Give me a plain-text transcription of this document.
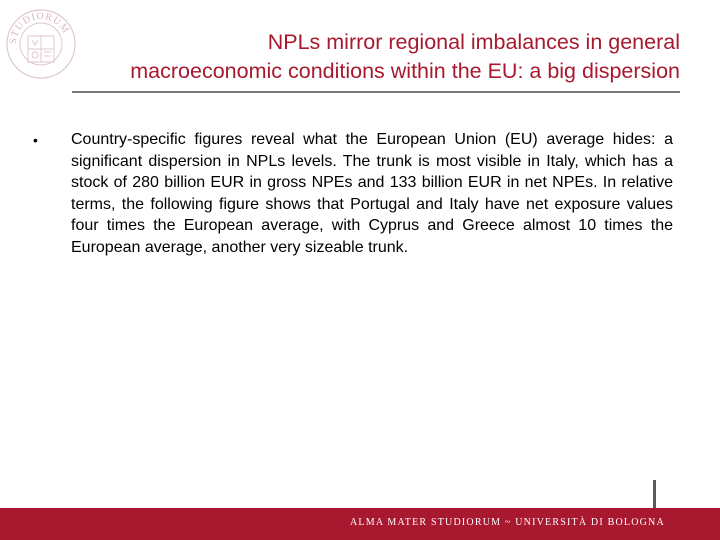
STUDIORUM
NPLs mirror regional imbalances in general
macroeconomic conditions within the EU: a big dispersion
• Country-specific figures reveal what the European Union (EU) average hides: a significant dispersion in NPLs levels. The trunk is most visible in Italy, which has a stock of 280 billion EUR in gross NPEs and 133 billion EUR in net NPEs. In relative terms, the following figure shows that Portugal and Italy have net exposure values four times the European average, with Cyprus and Greece almost 10 times the European average, another very sizeable trunk.

ALMA MATER STUDIORUM ~ UNIVERSITÀ DI BOLOGNA
